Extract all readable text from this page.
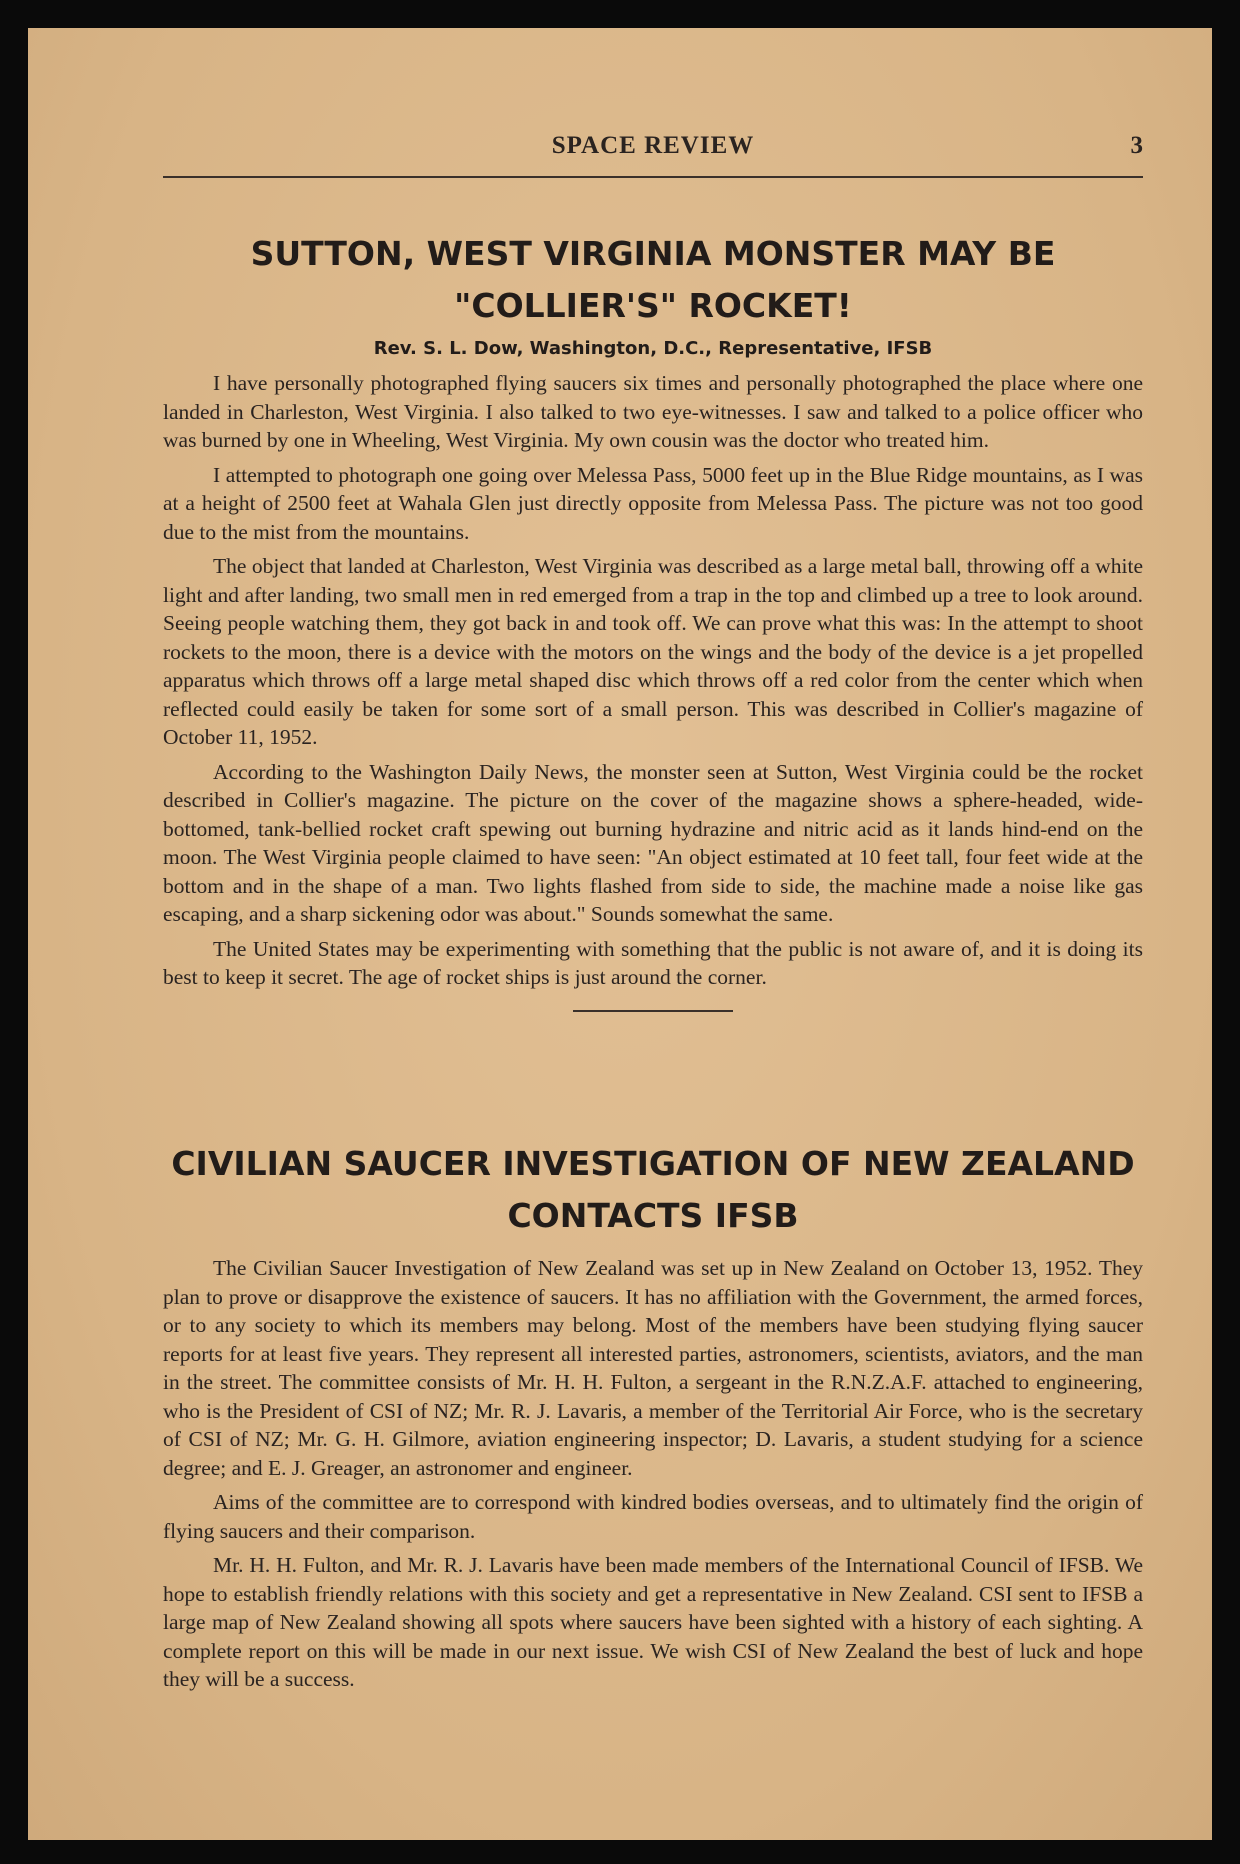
SPACE REVIEW	3
SUTTON, WEST VIRGINIA MONSTER MAY BE
"COLLIER'S" ROCKET!
Rev. S. L. Dow, Washington, D.C., Representative, IFSB

I have personally photographed flying saucers six times and personally photographed the place where one landed in Charleston, West Virginia. I also talked to two eye-witnesses. I saw and talked to a police officer who was burned by one in Wheeling, West Virginia. My own cousin was the doctor who treated him.

I attempted to photograph one going over Melessa Pass, 5000 feet up in the Blue Ridge mountains, as I was at a height of 2500 feet at Wahala Glen just directly opposite from Melessa Pass. The picture was not too good due to the mist from the mountains.

The object that landed at Charleston, West Virginia was described as a large metal ball, throwing off a white light and after landing, two small men in red emerged from a trap in the top and climbed up a tree to look around. Seeing people watching them, they got back in and took off. We can prove what this was: In the attempt to shoot rockets to the moon, there is a device with the motors on the wings and the body of the device is a jet propelled apparatus which throws off a large metal shaped disc which throws off a red color from the center which when reflected could easily be taken for some sort of a small person. This was described in Collier's magazine of October 11, 1952.

According to the Washington Daily News, the monster seen at Sutton, West Virginia could be the rocket described in Collier's magazine. The picture on the cover of the magazine shows a sphere-headed, wide-bottomed, tank-bellied rocket craft spewing out burning hydrazine and nitric acid as it lands hind-end on the moon. The West Virginia people claimed to have seen: "An object estimated at 10 feet tall, four feet wide at the bottom and in the shape of a man. Two lights flashed from side to side, the machine made a noise like gas escaping, and a sharp sickening odor was about." Sounds somewhat the same.

The United States may be experimenting with something that the public is not aware of, and it is doing its best to keep it secret. The age of rocket ships is just around the corner.

CIVILIAN SAUCER INVESTIGATION OF NEW ZEALAND
CONTACTS IFSB

The Civilian Saucer Investigation of New Zealand was set up in New Zealand on October 13, 1952. They plan to prove or disapprove the existence of saucers. It has no affiliation with the Government, the armed forces, or to any society to which its members may belong. Most of the members have been studying flying saucer reports for at least five years. They represent all interested parties, astronomers, scientists, aviators, and the man in the street. The committee consists of Mr. H. H. Fulton, a sergeant in the R.N.Z.A.F. attached to engineering, who is the President of CSI of NZ; Mr. R. J. Lavaris, a member of the Territorial Air Force, who is the secretary of CSI of NZ; Mr. G. H. Gilmore, aviation engineering inspector; D. Lavaris, a student studying for a science degree; and E. J. Greager, an astronomer and engineer.

Aims of the committee are to correspond with kindred bodies overseas, and to ultimately find the origin of flying saucers and their comparison.

Mr. H. H. Fulton, and Mr. R. J. Lavaris have been made members of the International Council of IFSB. We hope to establish friendly relations with this society and get a representative in New Zealand. CSI sent to IFSB a large map of New Zealand showing all spots where saucers have been sighted with a history of each sighting. A complete report on this will be made in our next issue. We wish CSI of New Zealand the best of luck and hope they will be a success.
